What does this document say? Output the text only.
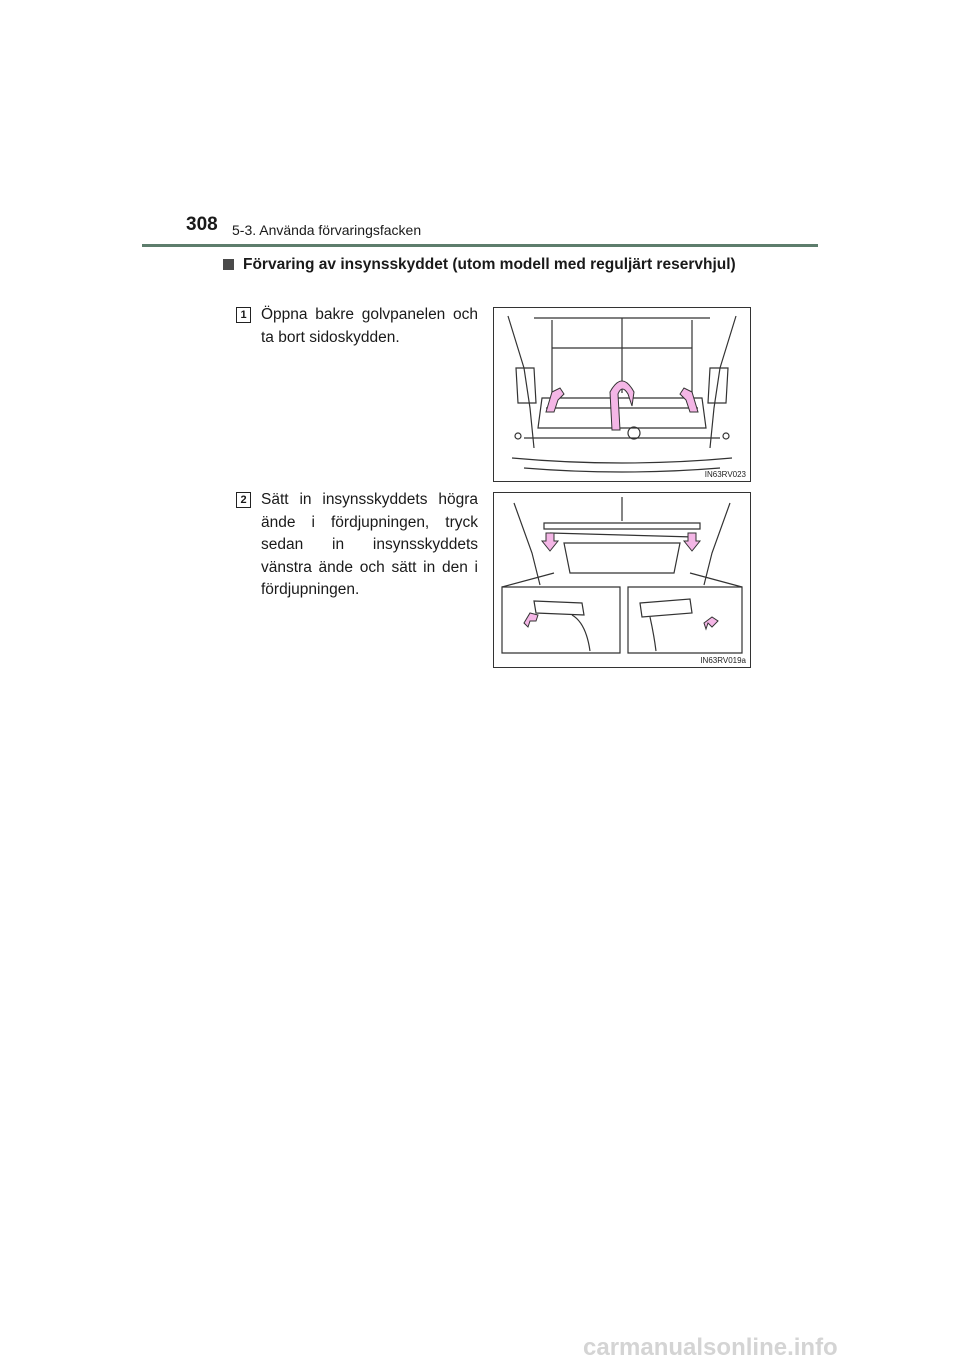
308 5-3. Använda förvaringsfacken
Förvaring av insynsskyddet (utom modell med reguljärt reservhjul)
1 Öppna bakre golvpanelen och ta bort sidoskydden.
IN63RV023
2 Sätt in insynsskyddets högra ände i fördjupningen, tryck sedan in insynsskyddets vänstra ände och sätt in den i fördjupningen.
IN63RV019a
carmanualsonline.info
